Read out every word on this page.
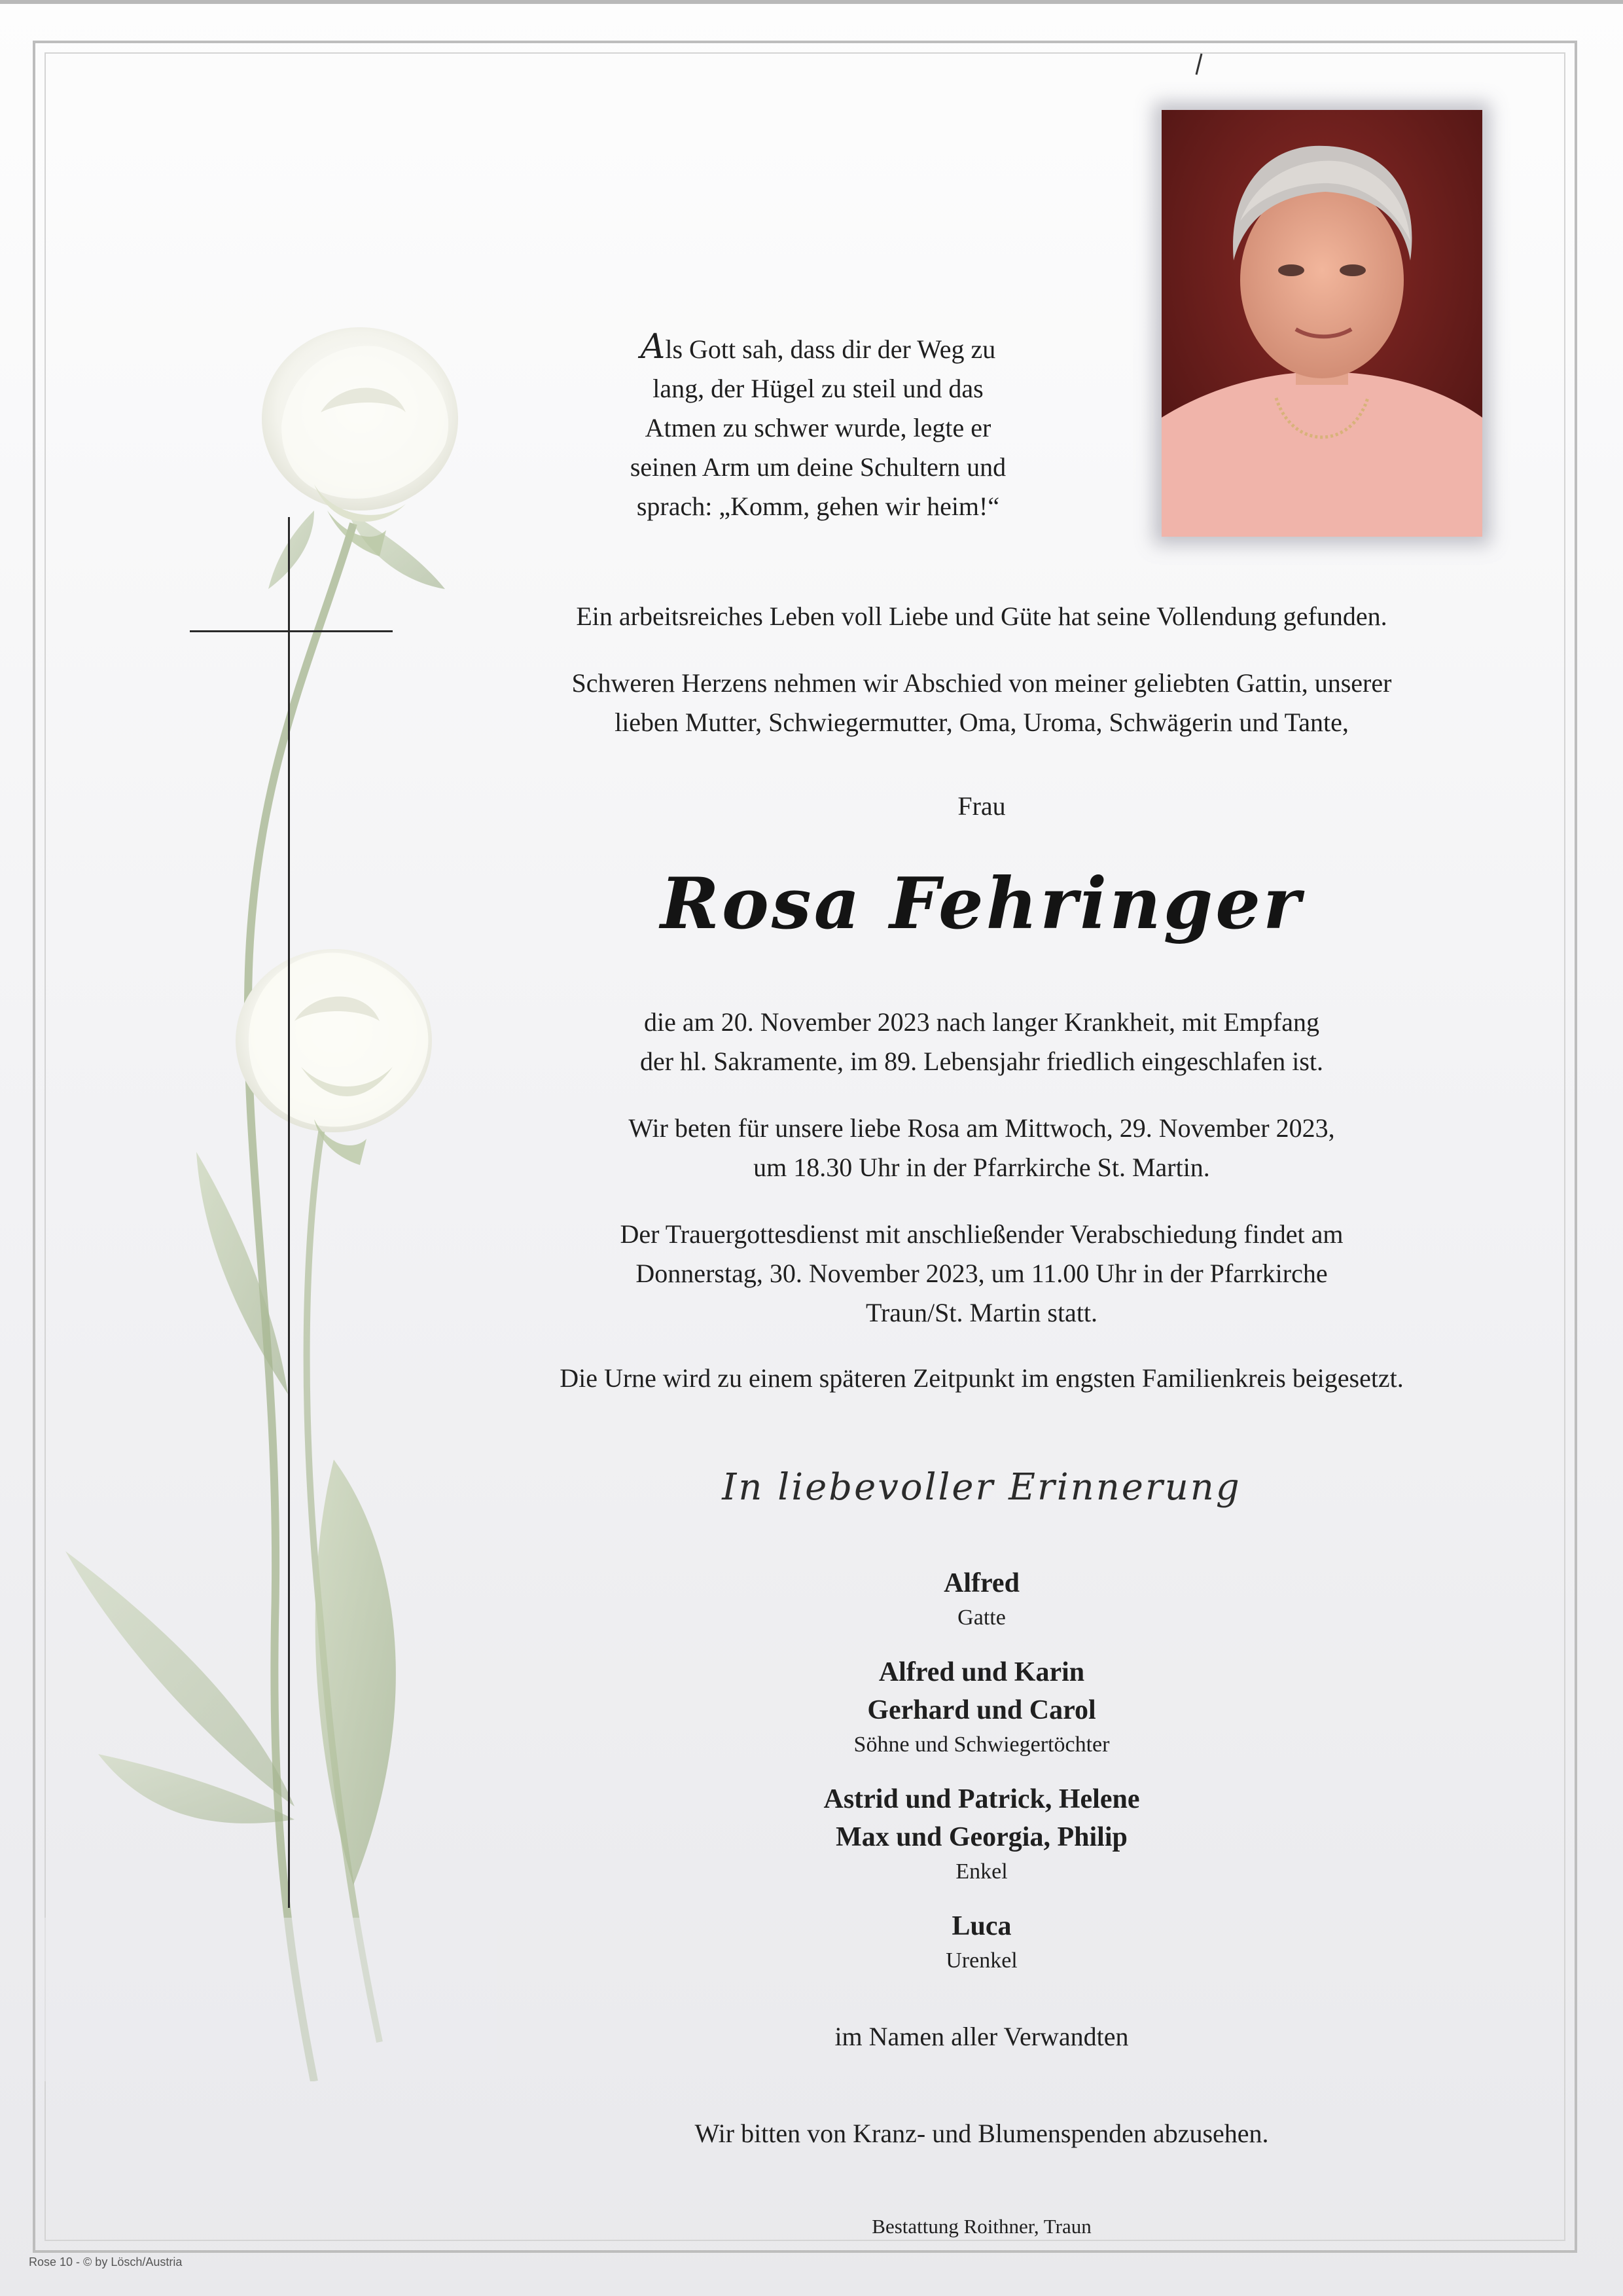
Als Gott sah, dass dir der Weg zu
lang, der Hügel zu steil und das
Atmen zu schwer wurde, legte er
seinen Arm um deine Schultern und
sprach: „Komm, gehen wir heim!“
Ein arbeitsreiches Leben voll Liebe und Güte hat seine Vollendung gefunden.
Schweren Herzens nehmen wir Abschied von meiner geliebten Gattin, unserer
lieben Mutter, Schwiegermutter, Oma, Uroma, Schwägerin und Tante,
Frau
Rosa Fehringer
die am 20. November 2023 nach langer Krankheit, mit Empfang
der hl. Sakramente, im 89. Lebensjahr friedlich eingeschlafen ist.
Wir beten für unsere liebe Rosa am Mittwoch, 29. November 2023,
um 18.30 Uhr in der Pfarrkirche St. Martin.
Der Trauergottesdienst mit anschließender Verabschiedung findet am
Donnerstag, 30. November 2023, um 11.00 Uhr in der Pfarrkirche
Traun/St. Martin statt.
Die Urne wird zu einem späteren Zeitpunkt im engsten Familienkreis beigesetzt.
In liebevoller Erinnerung
Alfred
Gatte
Alfred und Karin
Gerhard und Carol
Söhne und Schwiegertöchter
Astrid und Patrick, Helene
Max und Georgia, Philip
Enkel
Luca
Urenkel
im Namen aller Verwandten
Wir bitten von Kranz- und Blumenspenden abzusehen.
Bestattung Roithner, Traun
Rose 10 - © by Lösch/Austria
